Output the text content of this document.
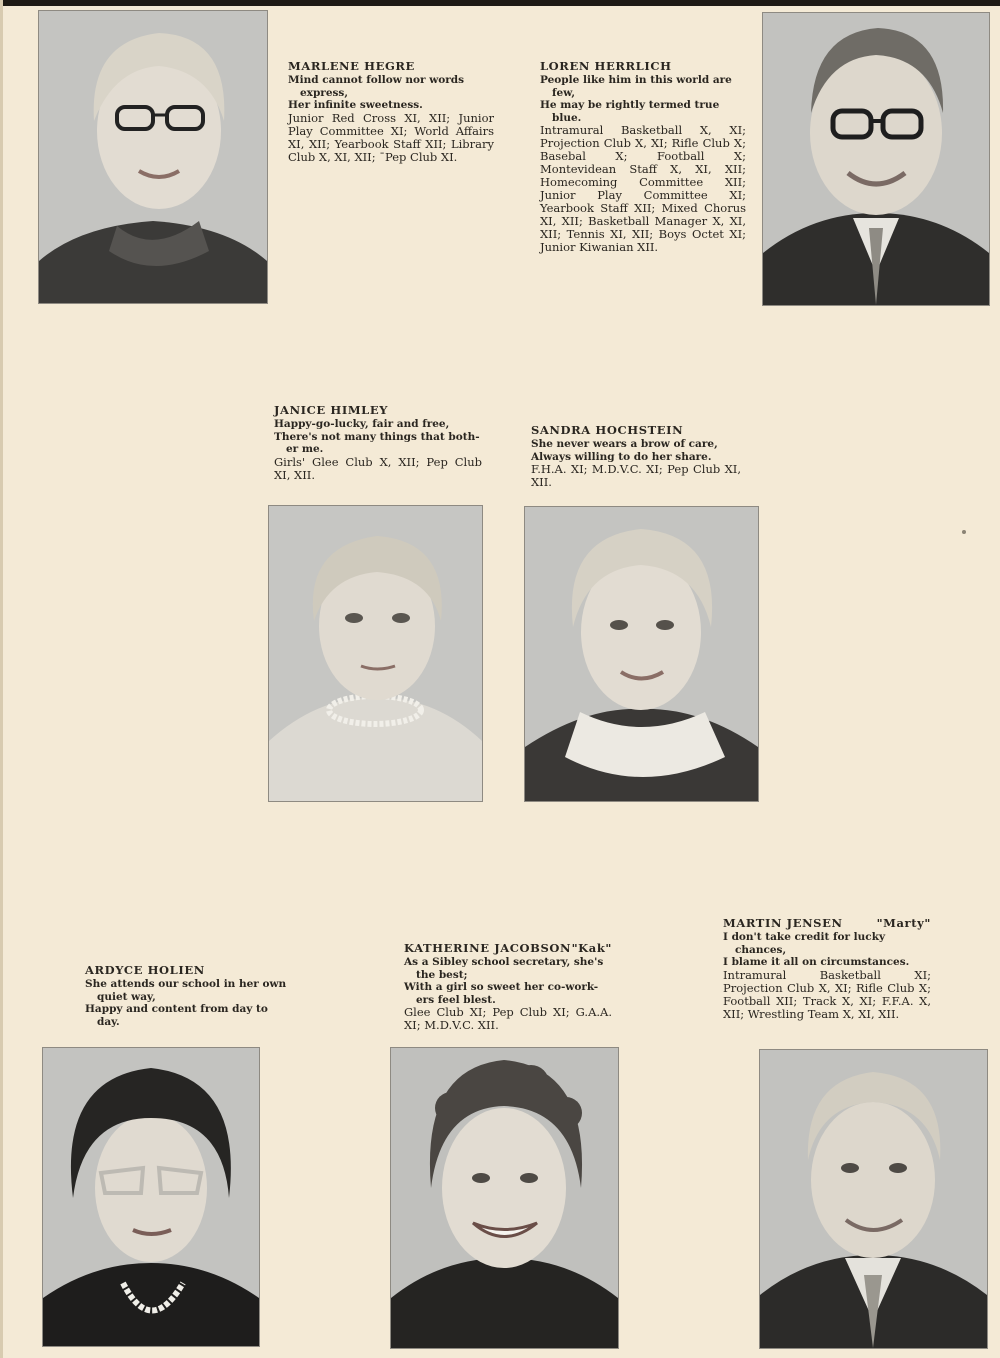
MARLENE HEGRE
Mind cannot follow nor words
express,
Her infinite sweetness.
Junior Red Cross XI, XII; Junior Play Committee XI; World Affairs XI, XII; Yearbook Staff XII; Library Club X, XI, XII; ¯Pep Club XI.
LOREN HERRLICH
People like him in this world are
few,
He may be rightly termed true
blue.
Intramural Basketball X, XI; Projection Club X, XI; Rifle Club X; Basebal X; Football X; Montevidean Staff X, XI, XII; Homecoming Committee XII; Junior Play Committee XI; Yearbook Staff XII; Mixed Chorus XI, XII; Basketball Manager X, XI, XII; Tennis XI, XII; Boys Octet XI; Junior Kiwanian XII.
JANICE HIMLEY
Happy-go-lucky, fair and free,
There's not many things that both-
er me.
Girls' Glee Club X, XII; Pep Club XI, XII.
SANDRA HOCHSTEIN
She never wears a brow of care,
Always willing to do her share.
F.H.A. XI; M.D.V.C. XI; Pep Club XI, XII.
ARDYCE HOLIEN
She attends our school in her own
quiet way,
Happy and content from day to
day.
KATHERINE JACOBSON "Kak"
As a Sibley school secretary, she's
the best;
With a girl so sweet her co-work-
ers feel blest.
Glee Club XI; Pep Club XI; G.A.A. XI; M.D.V.C. XII.
MARTIN JENSEN	"Marty"
I don't take credit for lucky
chances,
I blame it all on circumstances.
Intramural Basketball XI; Projection Club X, XI; Rifle Club X; Football XII; Track X, XI; F.F.A. X, XII; Wrestling Team X, XI, XII.
